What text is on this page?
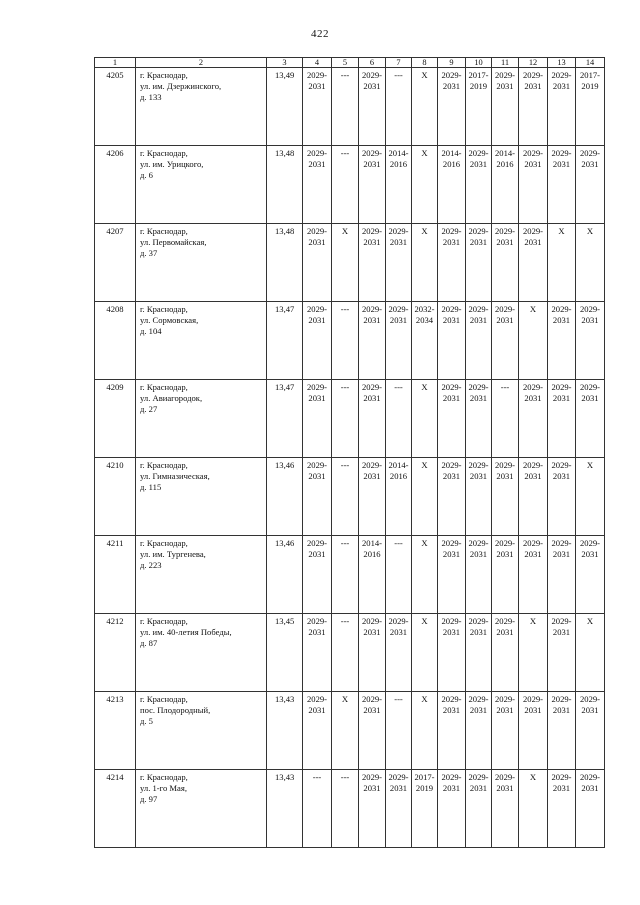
422
1	2	3	4	5	6	7	8	9	10	11	12	13	14
4205	г. Краснодар,
ул. им. Дзержинского,
д. 133	13,49	2029-
2031	---	2029-
2031	---	Х	2029-
2031	2017-
2019	2029-
2031	2029-
2031	2029-
2031	2017-
2019

4206	г. Краснодар,
ул. им. Урицкого,
д. 6	13,48	2029-
2031	---	2029-
2031	2014-
2016	Х	2014-
2016	2029-
2031	2014-
2016	2029-
2031	2029-
2031	2029-
2031

4207	г. Краснодар,
ул. Первомайская,
д. 37	13,48	2029-
2031	Х	2029-
2031	2029-
2031	Х	2029-
2031	2029-
2031	2029-
2031	2029-
2031	Х	Х

4208	г. Краснодар,
ул. Сормовская,
д. 104	13,47	2029-
2031	---	2029-
2031	2029-
2031	2032-
2034	2029-
2031	2029-
2031	2029-
2031	Х	2029-
2031	2029-
2031

4209	г. Краснодар,
ул. Авиагородок,
д. 27	13,47	2029-
2031	---	2029-
2031	---	Х	2029-
2031	2029-
2031	---	2029-
2031	2029-
2031	2029-
2031

4210	г. Краснодар,
ул. Гимназическая,
д. 115	13,46	2029-
2031	---	2029-
2031	2014-
2016	Х	2029-
2031	2029-
2031	2029-
2031	2029-
2031	2029-
2031	Х

4211	г. Краснодар,
ул. им. Тургенева,
д. 223	13,46	2029-
2031	---	2014-
2016	---	Х	2029-
2031	2029-
2031	2029-
2031	2029-
2031	2029-
2031	2029-
2031

4212	г. Краснодар,
ул. им. 40-летия Победы,
д. 87	13,45	2029-
2031	---	2029-
2031	2029-
2031	Х	2029-
2031	2029-
2031	2029-
2031	Х	2029-
2031	Х

4213	г. Краснодар,
пос. Плодородный,
д. 5	13,43	2029-
2031	Х	2029-
2031	---	Х	2029-
2031	2029-
2031	2029-
2031	2029-
2031	2029-
2031	2029-
2031

4214	г. Краснодар,
ул. 1-го Мая,
д. 97	13,43	---	---	2029-
2031	2029-
2031	2017-
2019	2029-
2031	2029-
2031	2029-
2031	Х	2029-
2031	2029-
2031
